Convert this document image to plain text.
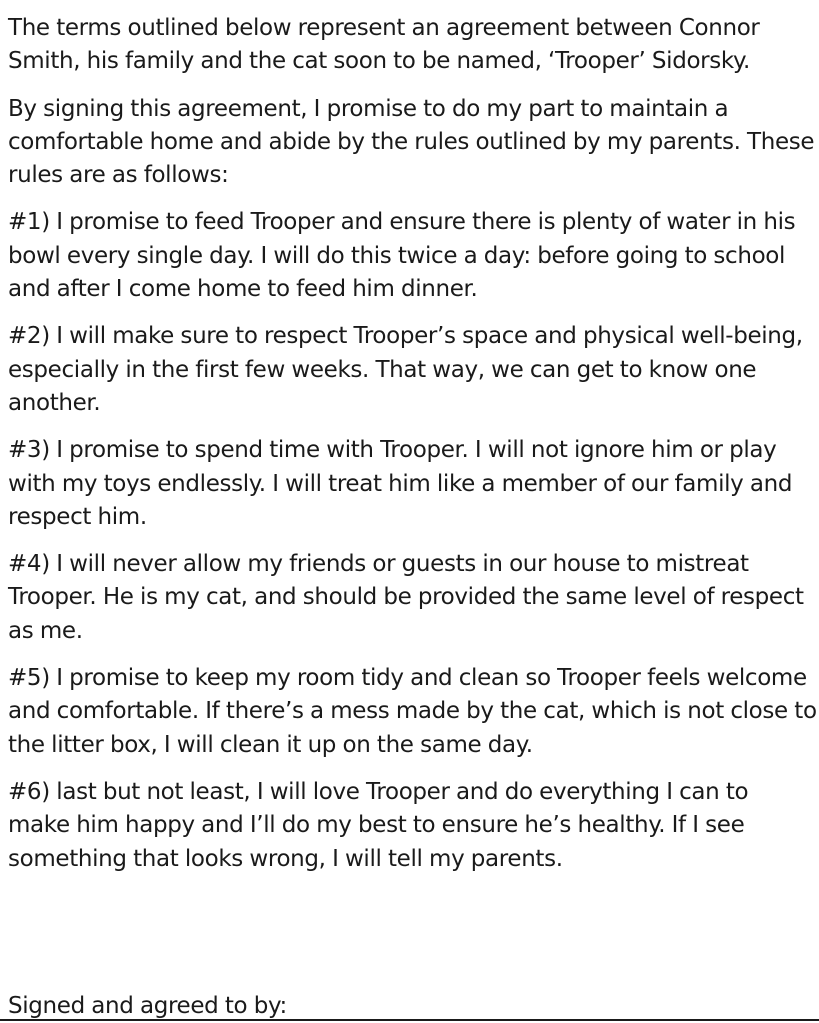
The terms outlined below represent an agreement between Connor
Smith, his family and the cat soon to be named, ‘Trooper’ Sidorsky.

By signing this agreement, I promise to do my part to maintain a
comfortable home and abide by the rules outlined by my parents. These
rules are as follows:

#1) I promise to feed Trooper and ensure there is plenty of water in his
bowl every single day. I will do this twice a day: before going to school
and after I come home to feed him dinner.

#2) I will make sure to respect Trooper’s space and physical well-being,
especially in the first few weeks. That way, we can get to know one
another.

#3) I promise to spend time with Trooper. I will not ignore him or play
with my toys endlessly. I will treat him like a member of our family and
respect him.

#4) I will never allow my friends or guests in our house to mistreat
Trooper. He is my cat, and should be provided the same level of respect
as me.

#5) I promise to keep my room tidy and clean so Trooper feels welcome
and comfortable. If there’s a mess made by the cat, which is not close to
the litter box, I will clean it up on the same day.

#6) last but not least, I will love Trooper and do everything I can to
make him happy and I’ll do my best to ensure he’s healthy. If I see
something that looks wrong, I will tell my parents.

Signed and agreed to by:
